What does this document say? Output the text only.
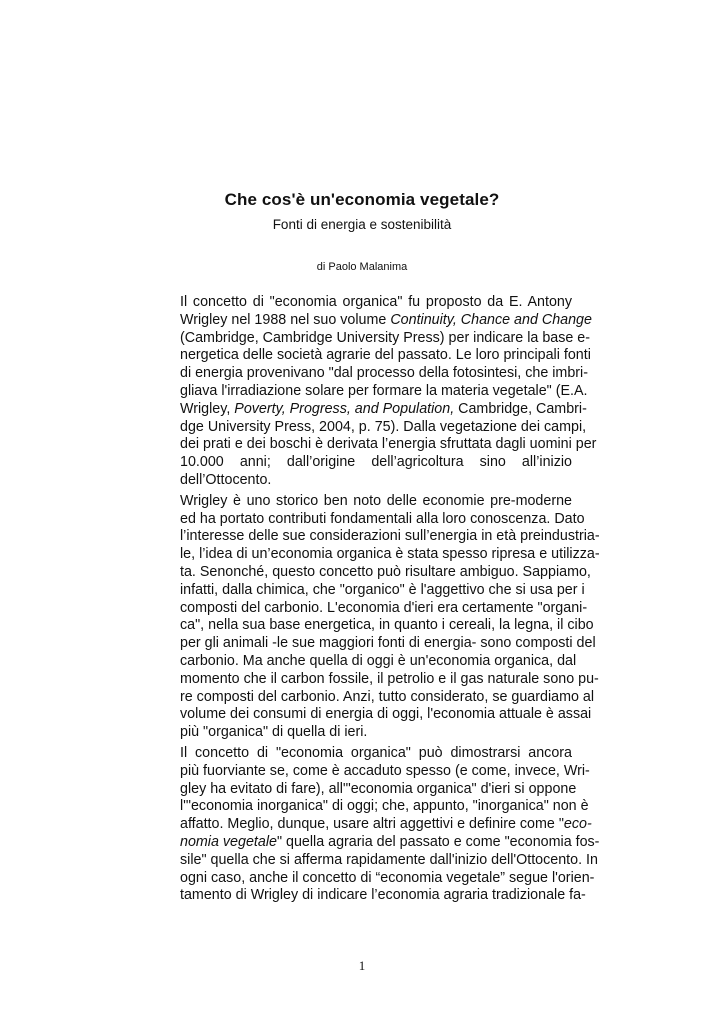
Che cos'è un'economia vegetale?
Fonti di energia e sostenibilità
di Paolo Malanima

Il concetto di "economia organica" fu proposto da E. Antony
Wrigley nel 1988 nel suo volume Continuity, Chance and Change
(Cambridge, Cambridge University Press) per indicare la base e-
nergetica delle società agrarie del passato. Le loro principali fonti
di energia provenivano "dal processo della fotosintesi, che imbri-
gliava l'irradiazione solare per formare la materia vegetale" (E.A.
Wrigley, Poverty, Progress, and Population, Cambridge, Cambri-
dge University Press, 2004, p. 75). Dalla vegetazione dei campi,
dei prati e dei boschi è derivata l’energia sfruttata dagli uomini per
10.000 anni; dall’origine dell’agricoltura sino all’inizio
dell’Ottocento.

Wrigley è uno storico ben noto delle economie pre-moderne
ed ha portato contributi fondamentali alla loro conoscenza. Dato
l’interesse delle sue considerazioni sull’energia in età preindustria-
le, l’idea di un’economia organica è stata spesso ripresa e utilizza-
ta. Senonché, questo concetto può risultare ambiguo. Sappiamo,
infatti, dalla chimica, che "organico" è l'aggettivo che si usa per i
composti del carbonio. L'economia d'ieri era certamente "organi-
ca", nella sua base energetica, in quanto i cereali, la legna, il cibo
per gli animali -le sue maggiori fonti di energia- sono composti del
carbonio. Ma anche quella di oggi è un'economia organica, dal
momento che il carbon fossile, il petrolio e il gas naturale sono pu-
re composti del carbonio. Anzi, tutto considerato, se guardiamo al
volume dei consumi di energia di oggi, l'economia attuale è assai
più "organica" di quella di ieri.

Il concetto di "economia organica" può dimostrarsi ancora
più fuorviante se, come è accaduto spesso (e come, invece, Wri-
gley ha evitato di fare), all'"economia organica" d'ieri si oppone
l'"economia inorganica" di oggi; che, appunto, "inorganica" non è
affatto. Meglio, dunque, usare altri aggettivi e definire come "eco-
nomia vegetale" quella agraria del passato e come "economia fos-
sile" quella che si afferma rapidamente dall'inizio dell'Ottocento. In
ogni caso, anche il concetto di “economia vegetale” segue l'orien-
tamento di Wrigley di indicare l’economia agraria tradizionale fa-

1
